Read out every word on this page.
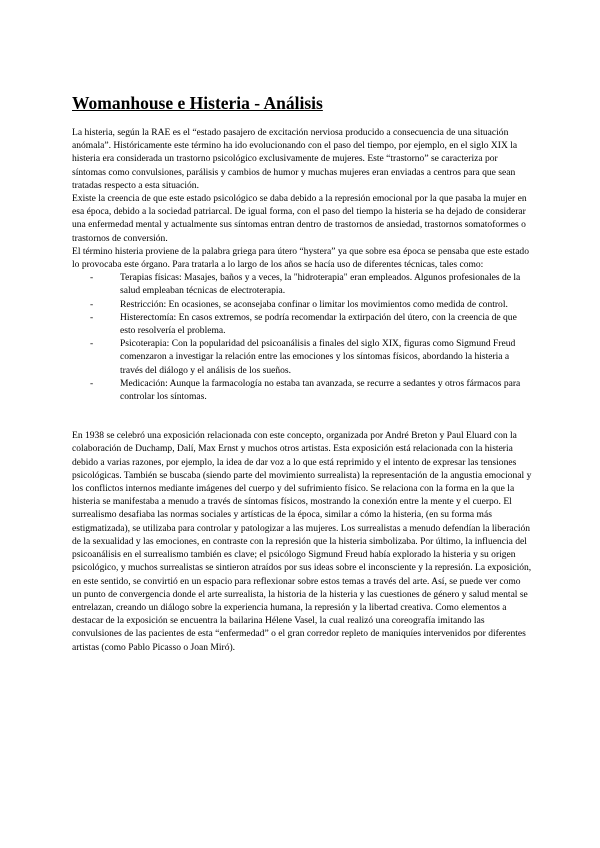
Womanhouse e Histeria - Análisis

La histeria, según la RAE es el “estado pasajero de excitación nerviosa producido a consecuencia de una situación anómala”. Históricamente este término ha ido evolucionando con el paso del tiempo, por ejemplo, en el siglo XIX la histeria era considerada un trastorno psicológico exclusivamente de mujeres. Este “trastorno” se caracteriza por síntomas como convulsiones, parálisis y cambios de humor y muchas mujeres eran enviadas a centros para que sean tratadas respecto a esta situación.

Existe la creencia de que este estado psicológico se daba debido a la represión emocional por la que pasaba la mujer en esa época, debido a la sociedad patriarcal. De igual forma, con el paso del tiempo la histeria se ha dejado de considerar una enfermedad mental y actualmente sus síntomas entran dentro de trastornos de ansiedad, trastornos somatoformes o trastornos de conversión.

El término histeria proviene de la palabra griega para útero “hystera” ya que sobre esa época se pensaba que este estado lo provocaba este órgano. Para tratarla a lo largo de los años se hacía uso de diferentes técnicas, tales como:

-	Terapias físicas: Masajes, baños y a veces, la "hidroterapia" eran empleados. Algunos profesionales de la salud empleaban técnicas de electroterapia.
-	Restricción: En ocasiones, se aconsejaba confinar o limitar los movimientos como medida de control.
-	Histerectomía: En casos extremos, se podría recomendar la extirpación del útero, con la creencia de que esto resolvería el problema.
-	Psicoterapia: Con la popularidad del psicoanálisis a finales del siglo XIX, figuras como Sigmund Freud comenzaron a investigar la relación entre las emociones y los síntomas físicos, abordando la histeria a través del diálogo y el análisis de los sueños.
-	Medicación: Aunque la farmacología no estaba tan avanzada, se recurre a sedantes y otros fármacos para controlar los síntomas.

En 1938 se celebró una exposición relacionada con este concepto, organizada por André Breton y Paul Eluard con la colaboración de Duchamp, Dalí, Max Ernst y muchos otros artistas. Esta exposición está relacionada con la histeria debido a varias razones, por ejemplo, la idea de dar voz a lo que está reprimido y el intento de expresar las tensiones psicológicas. También se buscaba (siendo parte del movimiento surrealista) la representación de la angustia emocional y los conflictos internos mediante imágenes del cuerpo y del sufrimiento físico. Se relaciona con la forma en la que la histeria se manifestaba a menudo a través de síntomas físicos, mostrando la conexión entre la mente y el cuerpo. El surrealismo desafiaba las normas sociales y artísticas de la época, similar a cómo la histeria, (en su forma más estigmatizada), se utilizaba para controlar y patologizar a las mujeres. Los surrealistas a menudo defendían la liberación de la sexualidad y las emociones, en contraste con la represión que la histeria simbolizaba. Por último, la influencia del psicoanálisis en el surrealismo también es clave; el psicólogo Sigmund Freud había explorado la histeria y su origen psicológico, y muchos surrealistas se sintieron atraídos por sus ideas sobre el inconsciente y la represión. La exposición, en este sentido, se convirtió en un espacio para reflexionar sobre estos temas a través del arte. Así, se puede ver como un punto de convergencia donde el arte surrealista, la historia de la histeria y las cuestiones de género y salud mental se entrelazan, creando un diálogo sobre la experiencia humana, la represión y la libertad creativa. Como elementos a destacar de la exposición se encuentra la bailarina Hélene Vasel, la cual realizó una coreografía imitando las convulsiones de las pacientes de esta “enfermedad” o el gran corredor repleto de maniquíes intervenidos por diferentes artistas (como Pablo Picasso o Joan Miró).
